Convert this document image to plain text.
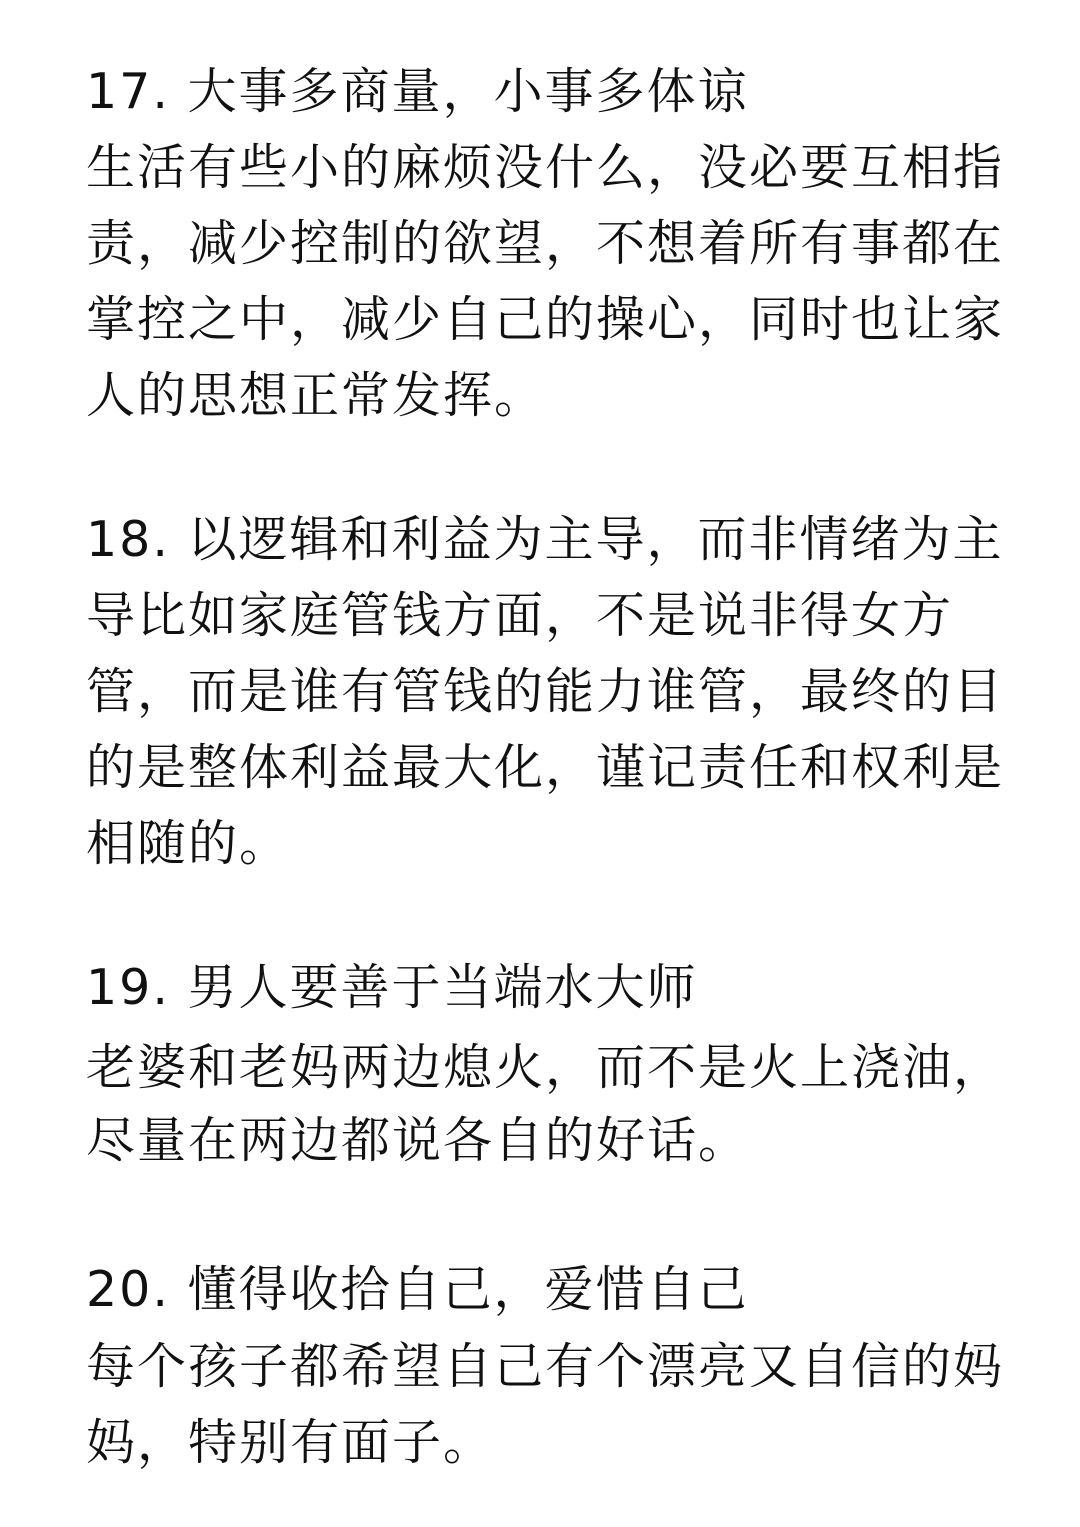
17. 大事多商量，小事多体谅
生活有些小的麻烦没什么，没必要互相指
责，减少控制的欲望，不想着所有事都在
掌控之中，减少自己的操心，同时也让家
人的思想正常发挥。
18. 以逻辑和利益为主导，而非情绪为主
导比如家庭管钱方面，不是说非得女方
管，而是谁有管钱的能力谁管，最终的目
的是整体利益最大化，谨记责任和权利是
相随的。
19. 男人要善于当端水大师
老婆和老妈两边熄火，而不是火上浇油，
尽量在两边都说各自的好话。
20. 懂得收拾自己，爱惜自己
每个孩子都希望自己有个漂亮又自信的妈
妈，特别有面子。
